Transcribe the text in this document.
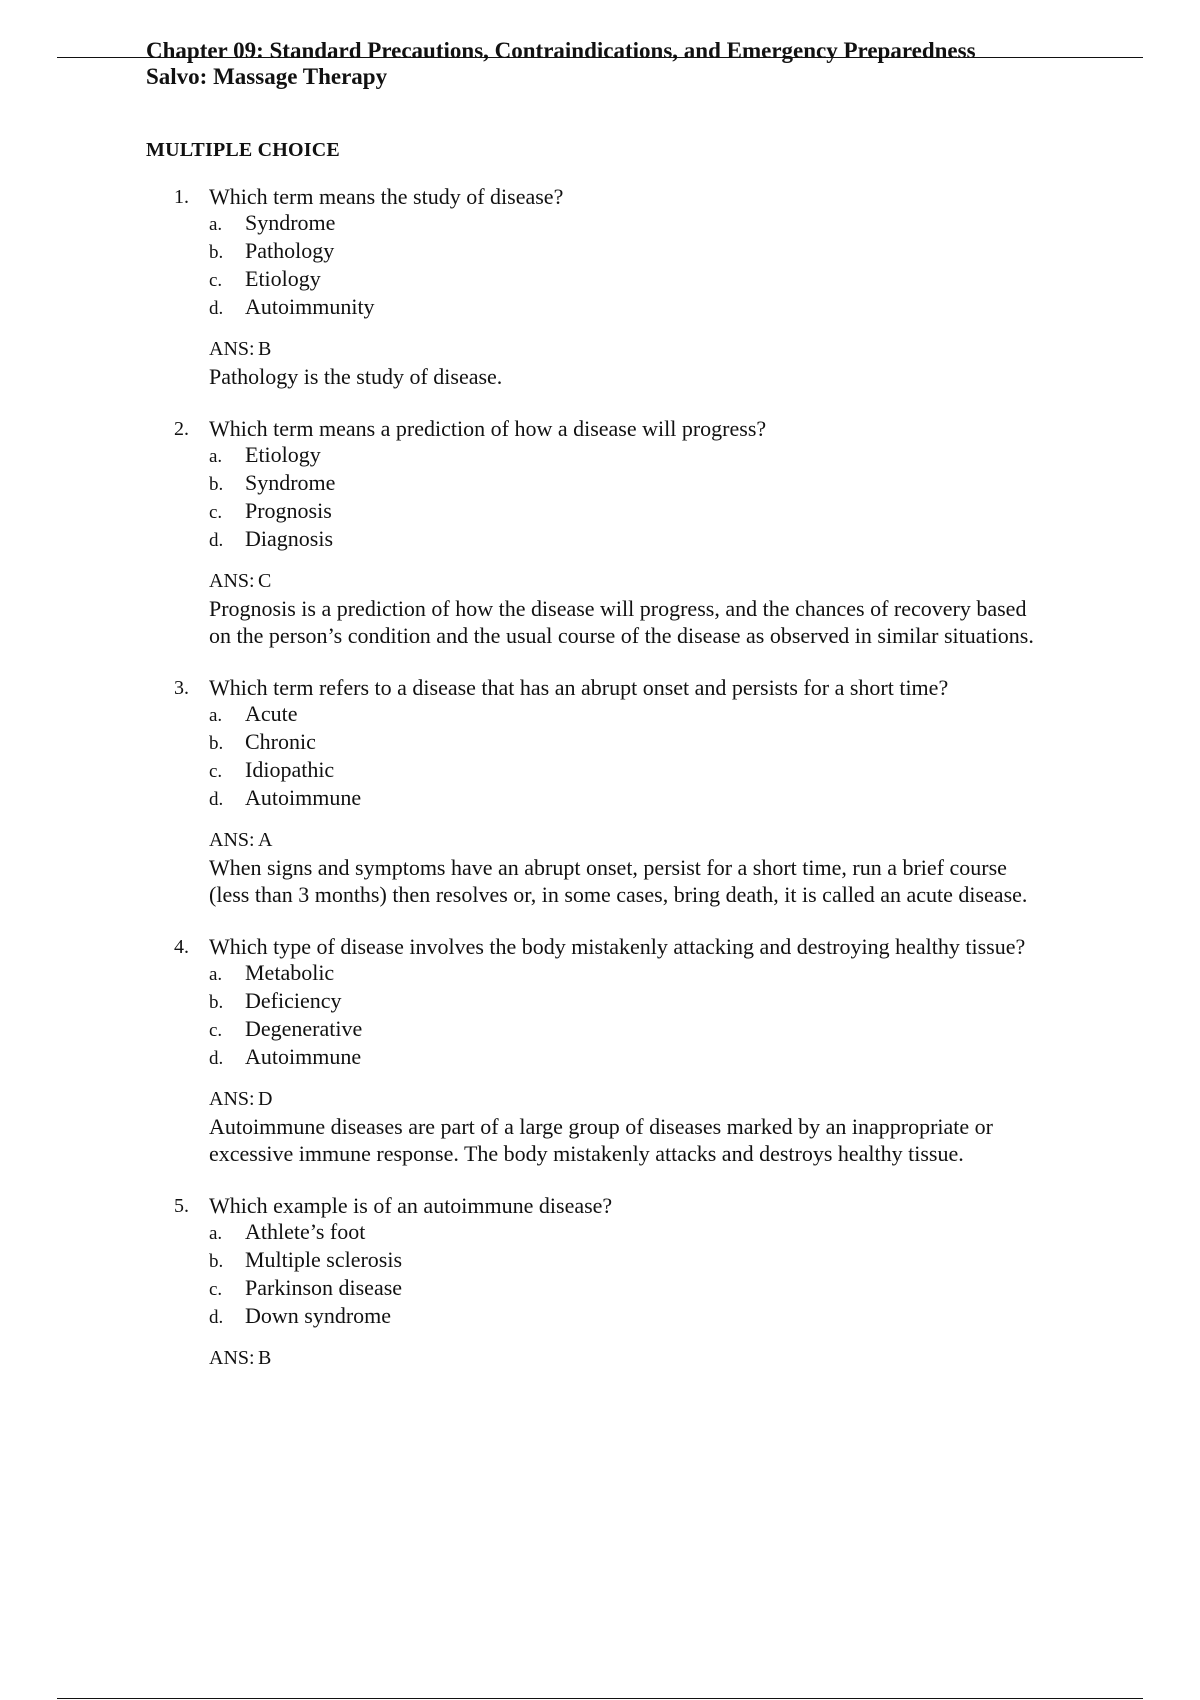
Chapter 09: Standard Precautions, Contraindications, and Emergency Preparedness
Salvo: Massage Therapy
MULTIPLE CHOICE
1. Which term means the study of disease?
a. Syndrome
b. Pathology
c. Etiology
d. Autoimmunity
ANS: B
Pathology is the study of disease.
2. Which term means a prediction of how a disease will progress?
a. Etiology
b. Syndrome
c. Prognosis
d. Diagnosis
ANS: C
Prognosis is a prediction of how the disease will progress, and the chances of recovery based
on the person’s condition and the usual course of the disease as observed in similar situations.
3. Which term refers to a disease that has an abrupt onset and persists for a short time?
a. Acute
b. Chronic
c. Idiopathic
d. Autoimmune
ANS: A
When signs and symptoms have an abrupt onset, persist for a short time, run a brief course
(less than 3 months) then resolves or, in some cases, bring death, it is called an acute disease.
4. Which type of disease involves the body mistakenly attacking and destroying healthy tissue?
a. Metabolic
b. Deficiency
c. Degenerative
d. Autoimmune
ANS: D
Autoimmune diseases are part of a large group of diseases marked by an inappropriate or
excessive immune response. The body mistakenly attacks and destroys healthy tissue.
5. Which example is of an autoimmune disease?
a. Athlete’s foot
b. Multiple sclerosis
c. Parkinson disease
d. Down syndrome
ANS: B
